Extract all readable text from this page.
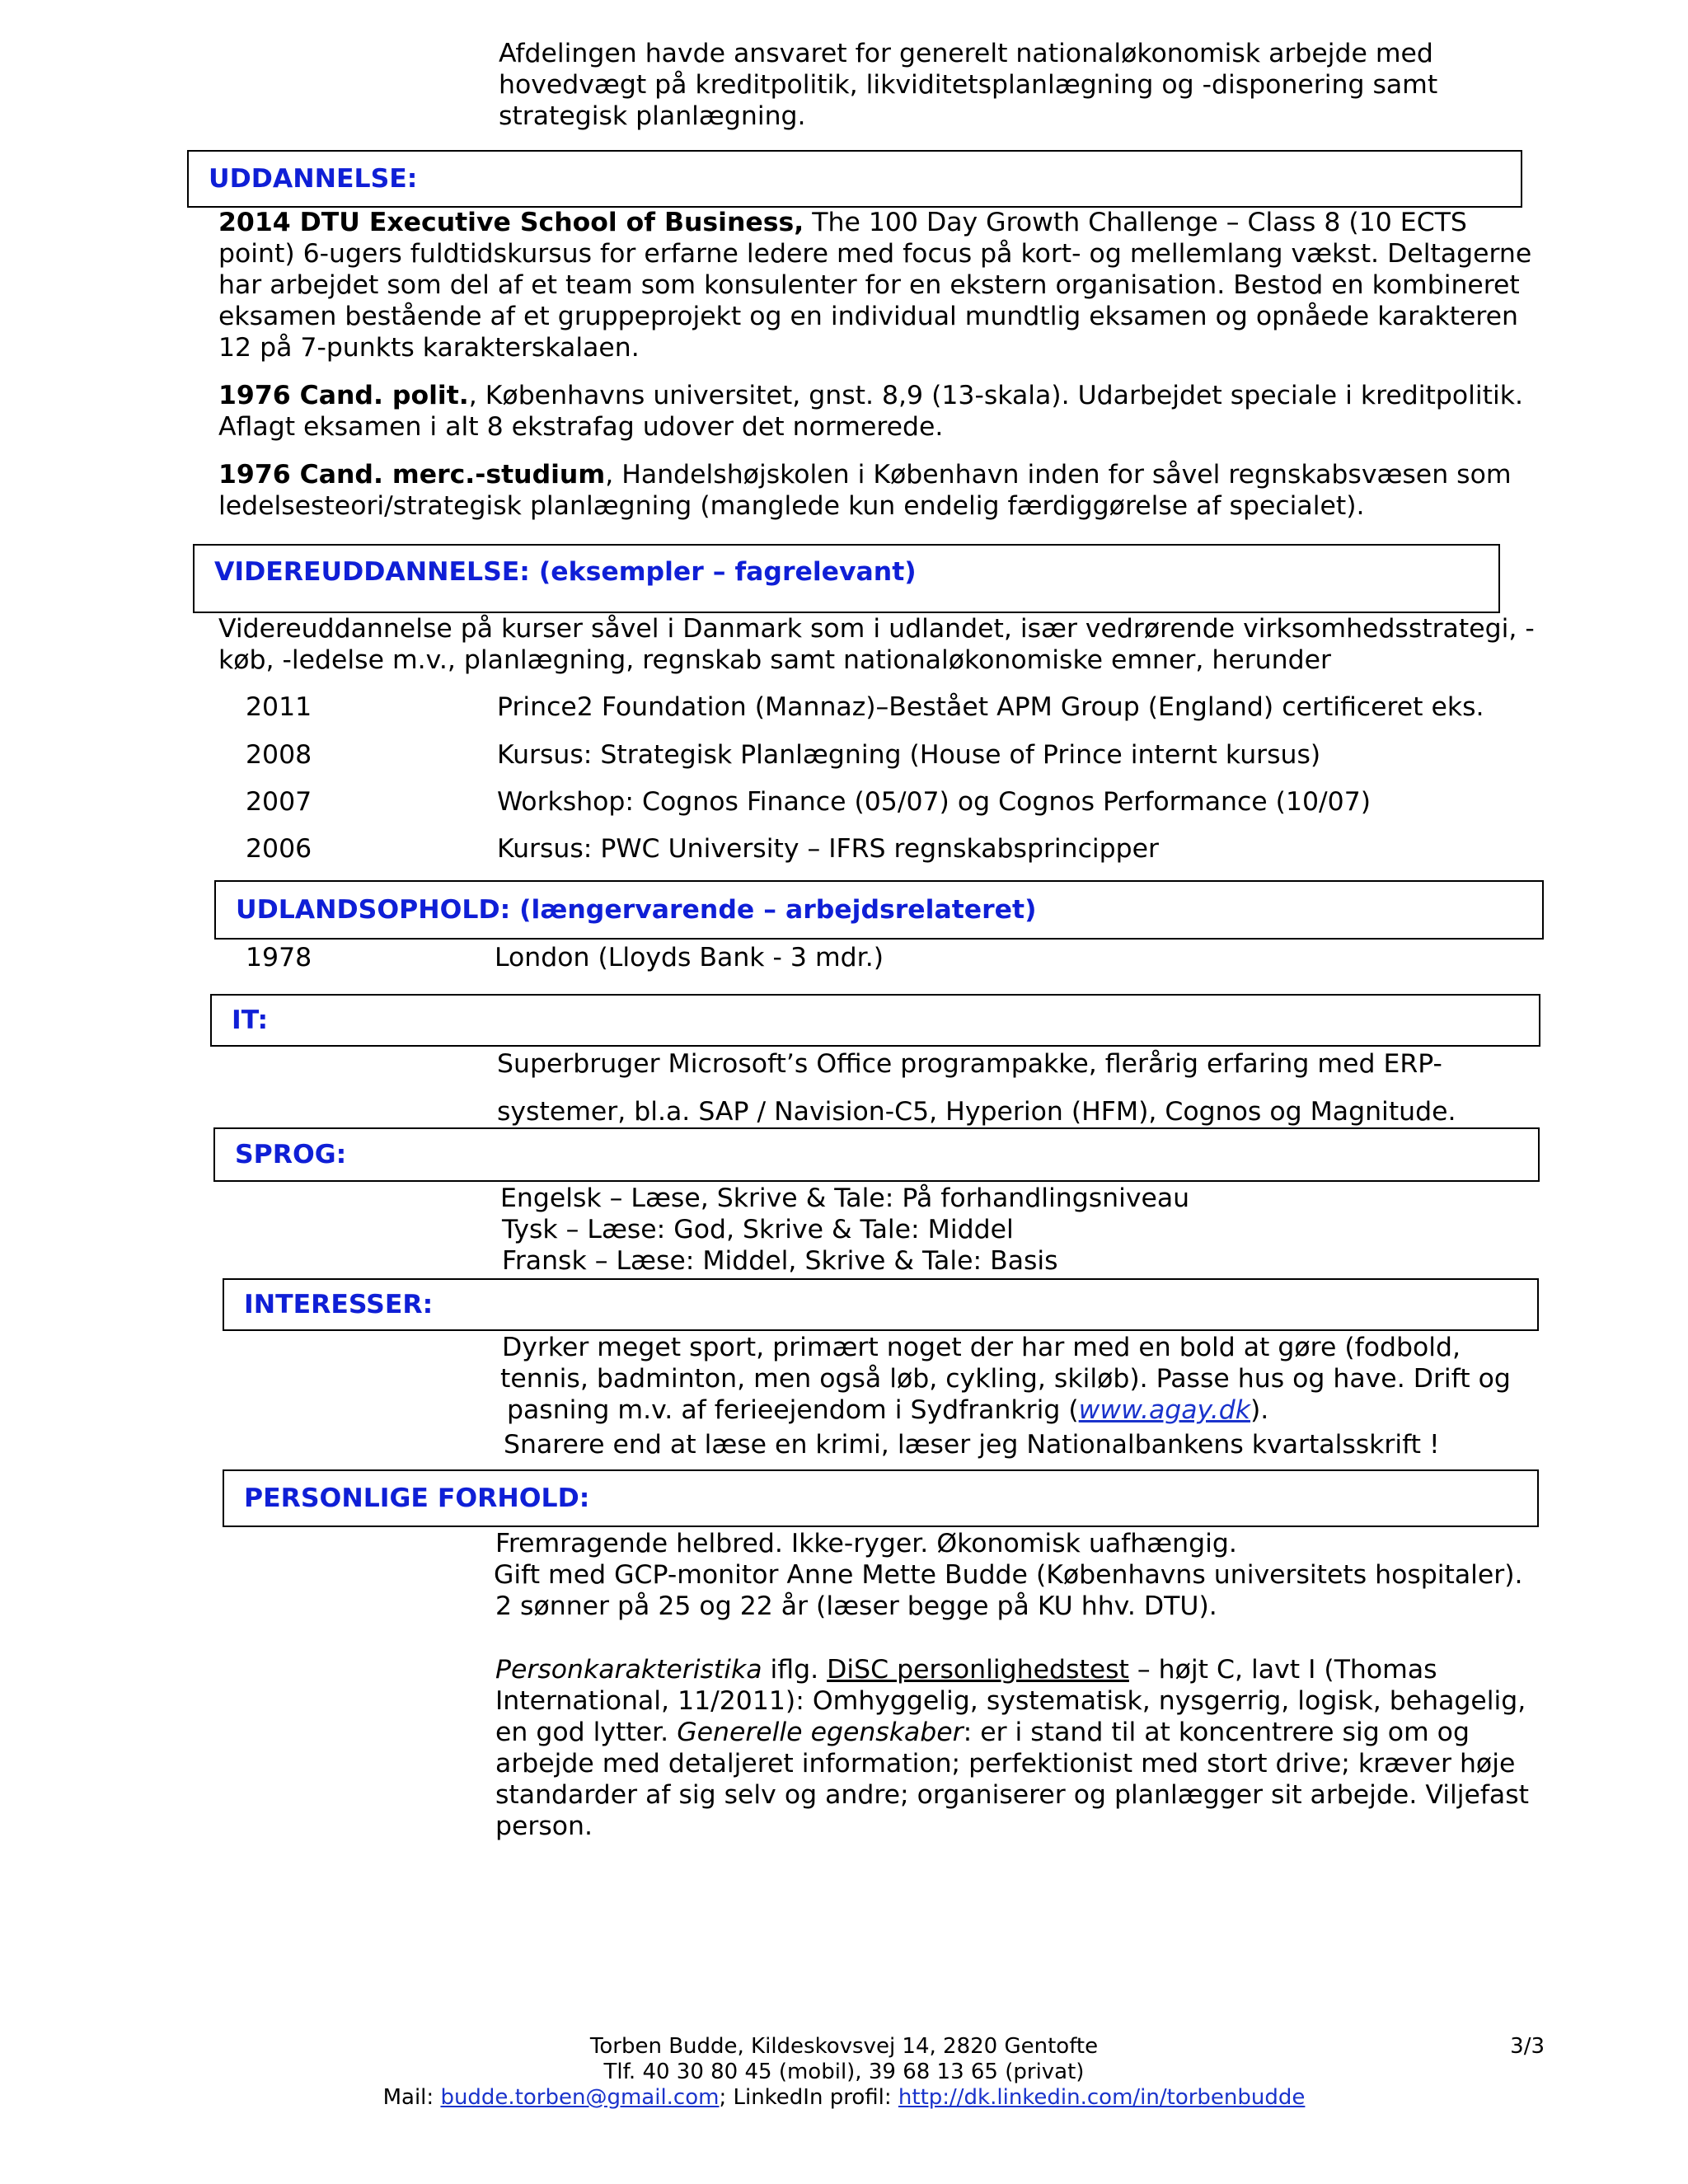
Afdelingen havde ansvaret for generelt nationaløkonomisk arbejde med hovedvægt på kreditpolitik, likviditetsplanlægning og -disponering samt strategisk planlægning.

UDDANNELSE:

2014 DTU Executive School of Business, The 100 Day Growth Challenge – Class 8 (10 ECTS point) 6-ugers fuldtidskursus for erfarne ledere med focus på kort- og mellemlang vækst. Deltagerne har arbejdet som del af et team som konsulenter for en ekstern organisation. Bestod en kombineret eksamen bestående af et gruppeprojekt og en individual mundtlig eksamen og opnåede karakteren 12 på 7-punkts karakterskalaen.

1976 Cand. polit., Københavns universitet, gnst. 8,9 (13-skala). Udarbejdet speciale i kreditpolitik. Aflagt eksamen i alt 8 ekstrafag udover det normerede.

1976 Cand. merc.-studium, Handelshøjskolen i København inden for såvel regnskabsvæsen som ledelsesteori/strategisk planlægning (manglede kun endelig færdiggørelse af specialet).

VIDEREUDDANNELSE: (eksempler – fagrelevant)

Videreuddannelse på kurser såvel i Danmark som i udlandet, især vedrørende virksomhedsstrategi, -køb, -ledelse m.v., planlægning, regnskab samt nationaløkonomiske emner, herunder

2011	Prince2 Foundation (Mannaz)–Bestået APM Group (England) certificeret eks.
2008	Kursus: Strategisk Planlægning (House of Prince internt kursus)
2007	Workshop: Cognos Finance (05/07) og Cognos Performance (10/07)
2006	Kursus: PWC University – IFRS regnskabsprincipper
UDLANDSOPHOLD: (længervarende – arbejdsrelateret)
1978	London (Lloyds Bank - 3 mdr.)
IT:

Superbruger Microsoft’s Office programpakke, flerårig erfaring med ERP-

systemer, bl.a. SAP / Navision-C5, Hyperion (HFM), Cognos og Magnitude.

SPROG:

Engelsk – Læse, Skrive & Tale: På forhandlingsniveau

Tysk – Læse: God, Skrive & Tale: Middel

Fransk – Læse: Middel, Skrive & Tale: Basis

INTERESSER:

Dyrker meget sport, primært noget der har med en bold at gøre (fodbold,

tennis, badminton, men også løb, cykling, skiløb). Passe hus og have. Drift og

pasning m.v. af ferieejendom i Sydfrankrig (www.agay.dk).

Snarere end at læse en krimi, læser jeg Nationalbankens kvartalsskrift !

PERSONLIGE FORHOLD:

Fremragende helbred. Ikke-ryger. Økonomisk uafhængig.

Gift med GCP-monitor Anne Mette Budde (Københavns universitets hospitaler).

2 sønner på 25 og 22 år (læser begge på KU hhv. DTU).

Personkarakteristika iflg. DiSC personlighedstest – højt C, lavt I (Thomas International, 11/2011): Omhyggelig, systematisk, nysgerrig, logisk, behagelig, en god lytter. Generelle egenskaber: er i stand til at koncentrere sig om og arbejde med detaljeret information; perfektionist med stort drive; kræver høje standarder af sig selv og andre; organiserer og planlægger sit arbejde. Viljefast person.

Torben Budde, Kildeskovsvej 14, 2820 Gentofte	3/3
Tlf. 40 30 80 45 (mobil), 39 68 13 65 (privat)
Mail: budde.torben@gmail.com; LinkedIn profil: http://dk.linkedin.com/in/torbenbudde
